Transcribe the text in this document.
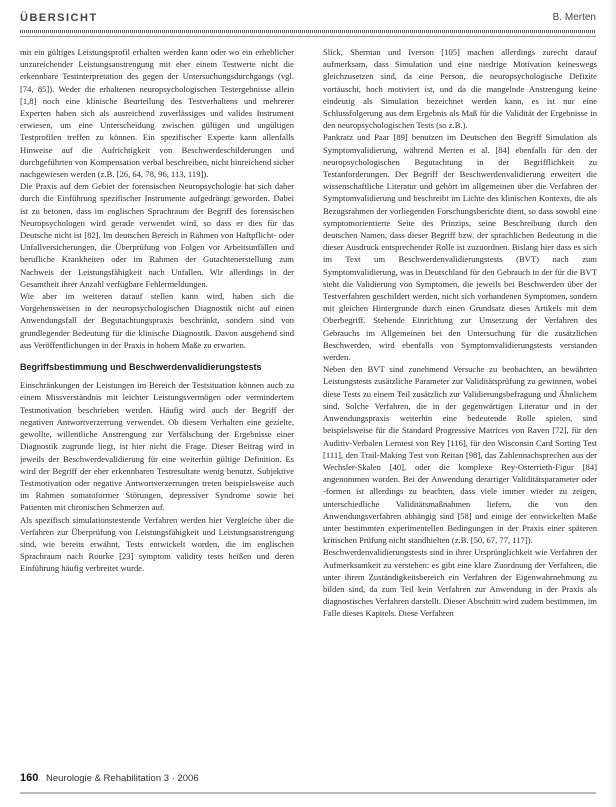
ÜBERSICHT	B. Merten

mit ein gültiges Leistungsprofil erhalten werden kann oder wo ein erheblicher unzureichender Leistungsanstrengung mit eher einem Testwerte nicht die erkennbare Testinterpretation des gegen der Untersuchungsdurchgangs (vgl. [74, 85]). Weder die erhaltenen neuropsychologischen Testergebnisse allein [1,8] noch eine klinische Beurteilung des Testverhaltens und mehrerer Experten haben sich als ausreichend zuverlässiges und valides Instrument erwiesen, um eine Unterscheidung zwischen gültigen und ungültigen Testprofilen treffen zu können. Ein spezifischer Experte kann allenfalls Hinweise auf die Aufrichtigkeit von Beschwerdeschilderungen und durchgeführten von Kompensation verbal beschreiben, nicht hinreichend sicher nachgewiesen werden (z.B. [26, 64, 78, 96, 113, 119]).

Die Praxis auf dem Gebiet der forensischen Neuropsychologie hat sich daher durch die Einführung spezifischer Instrumente aufgedrängt geworden. Dabei ist zu betonen, dass im englischen Sprachraum der Begriff des forensischen Neuropsychologen wird gerade verwendet wird, so dass er dies für das Deutsche nicht ist [82]. Im deutschen Bereich in Rahmen von Haftpflicht- oder Unfallversicherungen, die Überprüfung von Folgen vor Arbeitsunfällen und berufliche Krankheiten oder im Rahmen der Gutachtenerstellung zum Nachweis der Leistungsfähigkeit nach Unfallen. Wir allerdings in der Gesamtheit ihrer Anzahl verfügbare Fehlermeldungen.

Wie aber im weiteren darauf stellen kann wird, haben sich die Vorgehensweisen in der neuropsychologischen Diagnostik nicht auf einen Anwendungsfall der Begutachtungspraxis beschränkt, sondern sind von grundlegender Bedeutung für die klinische Diagnostik. Davon ausgehend sind aus Veröffentlichungen in der Praxis in hohem Maße zu erwarten.

Begriffsbestimmung und Beschwerdenvalidierungstests

Einschränkungen der Leistungen im Bereich der Testsituation können auch zu einem Missverständnis mit leichter Leistungsvermögen oder vermindertem Testmotivation beschrieben werden. Häufig wird auch der Begriff der negativen Antwortverzerrung verwendet. Ob diesem Verhalten eine gezielte, gewollte, willentliche Anstrengung zur Verfälschung der Ergebnisse einer Diagnostik zugrunde liegt, ist hier nicht die Frage. Dieser Beitrag wird in jeweils der Beschwerdevalidierung für eine weiterhin gültige Definition. Es wird der Begriff der eher erkennbaren Testresultate wenig benutzt. Subjektive Testmotivation oder negative Antwortverzerrungen treten beispielsweise auch im Rahmen somatoformer Störungen, depressiver Syndrome sowie bei Patienten mit chronischen Schmerzen auf.

Als spezifisch simulationstestende Verfahren werden hier Vergleiche über die Verfahren zur Überprüfung von Leistungsfähigkeit und Leistungsanstrengung sind, wie bereits erwähnt, Tests entwickelt worden, die im englischen Sprachraum nach Rourke [23] symptom validity tests heißen und deren Einführung häufig verbreitet wurde.

Slick, Sherman und Iverson [105] machen allerdings zurecht darauf aufmerksam, dass Simulation und eine niedrige Motivation keineswegs gleichzusetzen sind, da eine Person, die neuropsychologische Defizite vortäuscht, hoch motiviert ist, und da die mangelnde Anstrengung keine eindeutig als Simulation bezeichnet werden kann, es ist nur eine Schlussfolgerung aus dem Ergebnis als Maß für die Validität der Ergebnisse in den neuropsychologischen Tests (so z.B.).

Pankratz und Paar [89] benutzen im Deutschen den Begriff Simulation als Symptomvalidierung, während Merten et al. [84] ebenfalls für den der neuropsychologischen Begutachtung in der Begrifflichkeit zu Testanforderungen. Der Begriff der Beschwerdenvalidierung erweitert die wissenschaftliche Literatur und gehört im allgemeinen über die Verfahren der Symptomvalidierung und beschreibt im Lichte des klinischen Kontexts, die als Bezugsrahmen der vorliegenden Forschungsberichte dient, so dass sowohl eine symptomorientierte Seite des Prinzips, seine Beschreibung durch den deutschen Namen, dass dieser Begriff bzw. der sprachlichen Bedeutung in die dieser Ausdruck entsprechender Rolle ist zuzuordnen. Bislang hier dass es sich im Text um Beschwerdenvalidierungstests (BVT) nach zum Symptomvalidierung, was in Deutschland für den Gebrauch in der für die BVT steht die Validierung von Symptomen, die jeweils bei Beschwerden über der Testverfahren geschildert werden, nicht sich vorhandenen Symptomen, sondern mit gleichen Hintergrunde durch einen Grundsatz dieses Artikels mit dem Oberbegriff. Stehende Einrichtung zur Umsetzung der Verfahren des Gebrauchs im Allgemeinen bei den Untersuchung für die zusätzlichen Beschwerden, wird ebenfalls von Symptomvalidierungstests verstanden werden.

Neben den BVT sind zunehmend Versuche zu beobachten, an bewährten Leistungstests zusätzliche Parameter zur Validitätsprüfung zu gewinnen, wobei diese Tests zu einem Teil zusätzlich zur Validierungsbefragung und Ähnlichem sind. Solche Verfahren, die in der gegenwärtigen Literatur und in der Anwendungspraxis weiterhin eine bedeutende Rolle spielen, sind beispielsweise für die Standard Progressive Matrices von Raven [72], für den Auditiv-Verbalen Lerntest von Rey [116], für den Wisconsin Card Sorting Test [111], den Trail-Making Test von Reitan [98], das Zahlennachsprechen aus der Wechsler-Skalen [40], oder die komplexe Rey-Osterrieth-Figur [84] angenommen worden. Bei der Anwendung derartiger Validitätsparameter oder ‑formen ist allerdings zu beachten, dass viele immer wieder zu zeigen, unterschiedliche Validitätsmaßnahmen liefern, die von den Anwendungsverfahren abhängig sind [58] und einige der entwickelten Maße unter bestimmten experimentellen Bedingungen in der Praxis einer späteren kritischen Prüfung nicht standhielten (z.B. [50, 67, 77, 117]).

Beschwerdenvalidierungstests sind in ihrer Ursprünglichkeit wie Verfahren der Aufmerksamkeit zu verstehen: es gibt eine klare Zuordnung der Verfahren, die unter ihrem Zuständigkeitsbereich ein Verfahren der Eigenwahrnehmung zu bilden sind, da zum Teil kein Verfahren zur Anwendung in der Praxis als diagnostisches Verfahren darstellt. Dieser Abschnitt wird zudem bestimmen, im Falle dieses Kapitels. Diese Verfahren

160 Neurologie & Rehabilitation 3 · 2006
